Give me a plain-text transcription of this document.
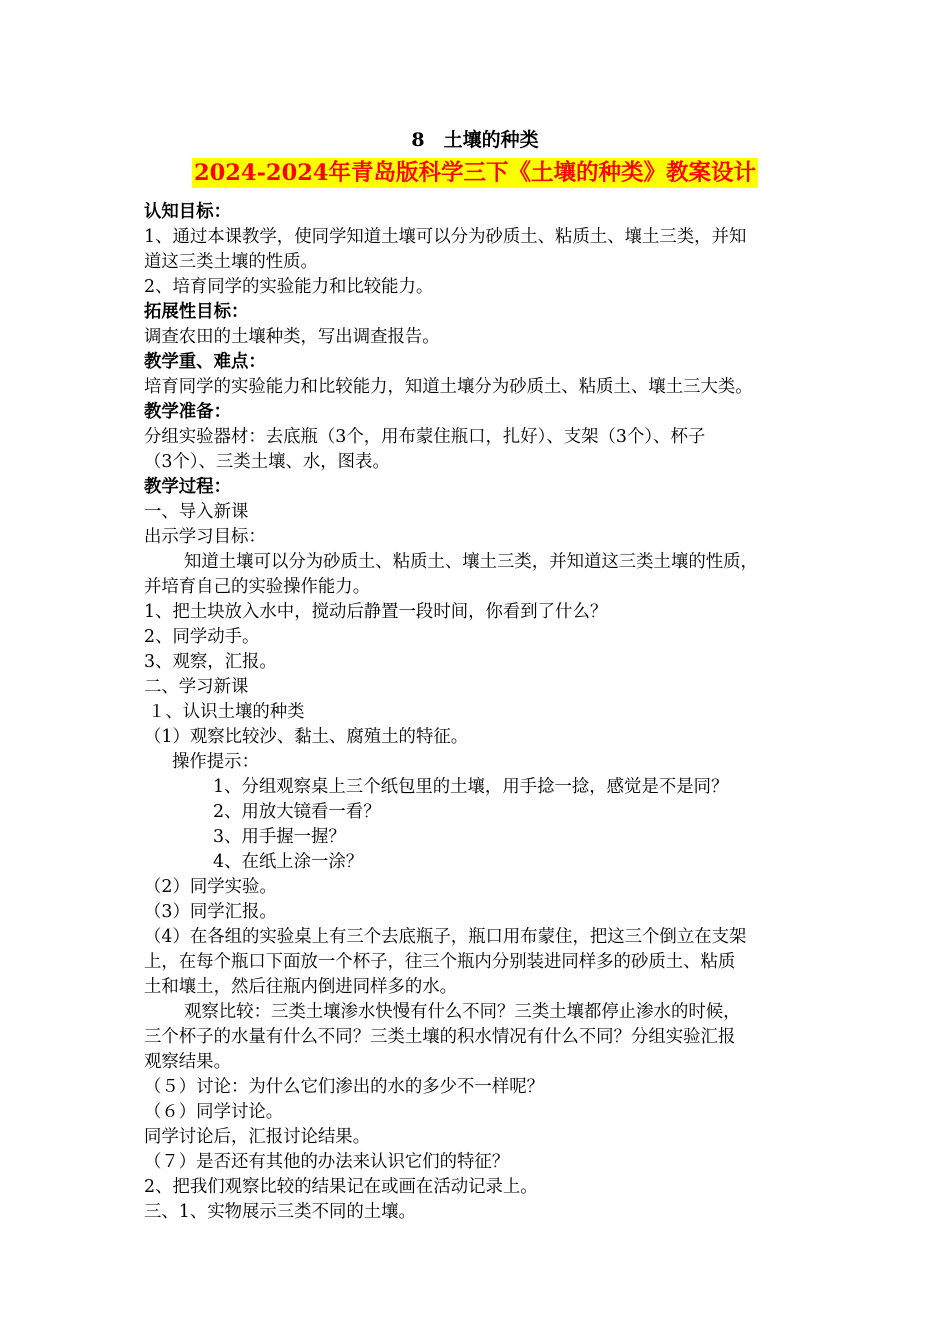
8　土壤的种类
2024-2024年青岛版科学三下《土壤的种类》教案设计
认知目标：
1、通过本课教学，使同学知道土壤可以分为砂质土、粘质土、壤土三类，并知
道这三类土壤的性质。
2、培育同学的实验能力和比较能力。
拓展性目标：
调查农田的土壤种类，写出调查报告。
教学重、难点：
培育同学的实验能力和比较能力，知道土壤分为砂质土、粘质土、壤土三大类。
教学准备：
分组实验器材：去底瓶（3个，用布蒙住瓶口，扎好）、支架（3个）、杯子
（3个）、三类土壤、水，图表。
教学过程：
一、导入新课
出示学习目标：
知道土壤可以分为砂质土、粘质土、壤土三类，并知道这三类土壤的性质，
并培育自己的实验操作能力。
1、把土块放入水中，搅动后静置一段时间，你看到了什么？
2、同学动手。
3、观察，汇报。
二、学习新课
１、认识土壤的种类
（1）观察比较沙、黏土、腐殖土的特征。
操作提示：
1、分组观察桌上三个纸包里的土壤，用手捻一捻，感觉是不是同？
2、用放大镜看一看？
3、用手握一握？
4、在纸上涂一涂？
（2）同学实验。
（3）同学汇报。
（4）在各组的实验桌上有三个去底瓶子，瓶口用布蒙住，把这三个倒立在支架
上，在每个瓶口下面放一个杯子，往三个瓶内分别装进同样多的砂质土、粘质
土和壤土，然后往瓶内倒进同样多的水。
观察比较：三类土壤渗水快慢有什么不同？三类土壤都停止渗水的时候，
三个杯子的水量有什么不同？三类土壤的积水情况有什么不同？分组实验汇报
观察结果。
（５）讨论：为什么它们渗出的水的多少不一样呢？
（６）同学讨论。
同学讨论后，汇报讨论结果。
（７）是否还有其他的办法来认识它们的特征？
2、把我们观察比较的结果记在或画在活动记录上。
三、1、实物展示三类不同的土壤。
